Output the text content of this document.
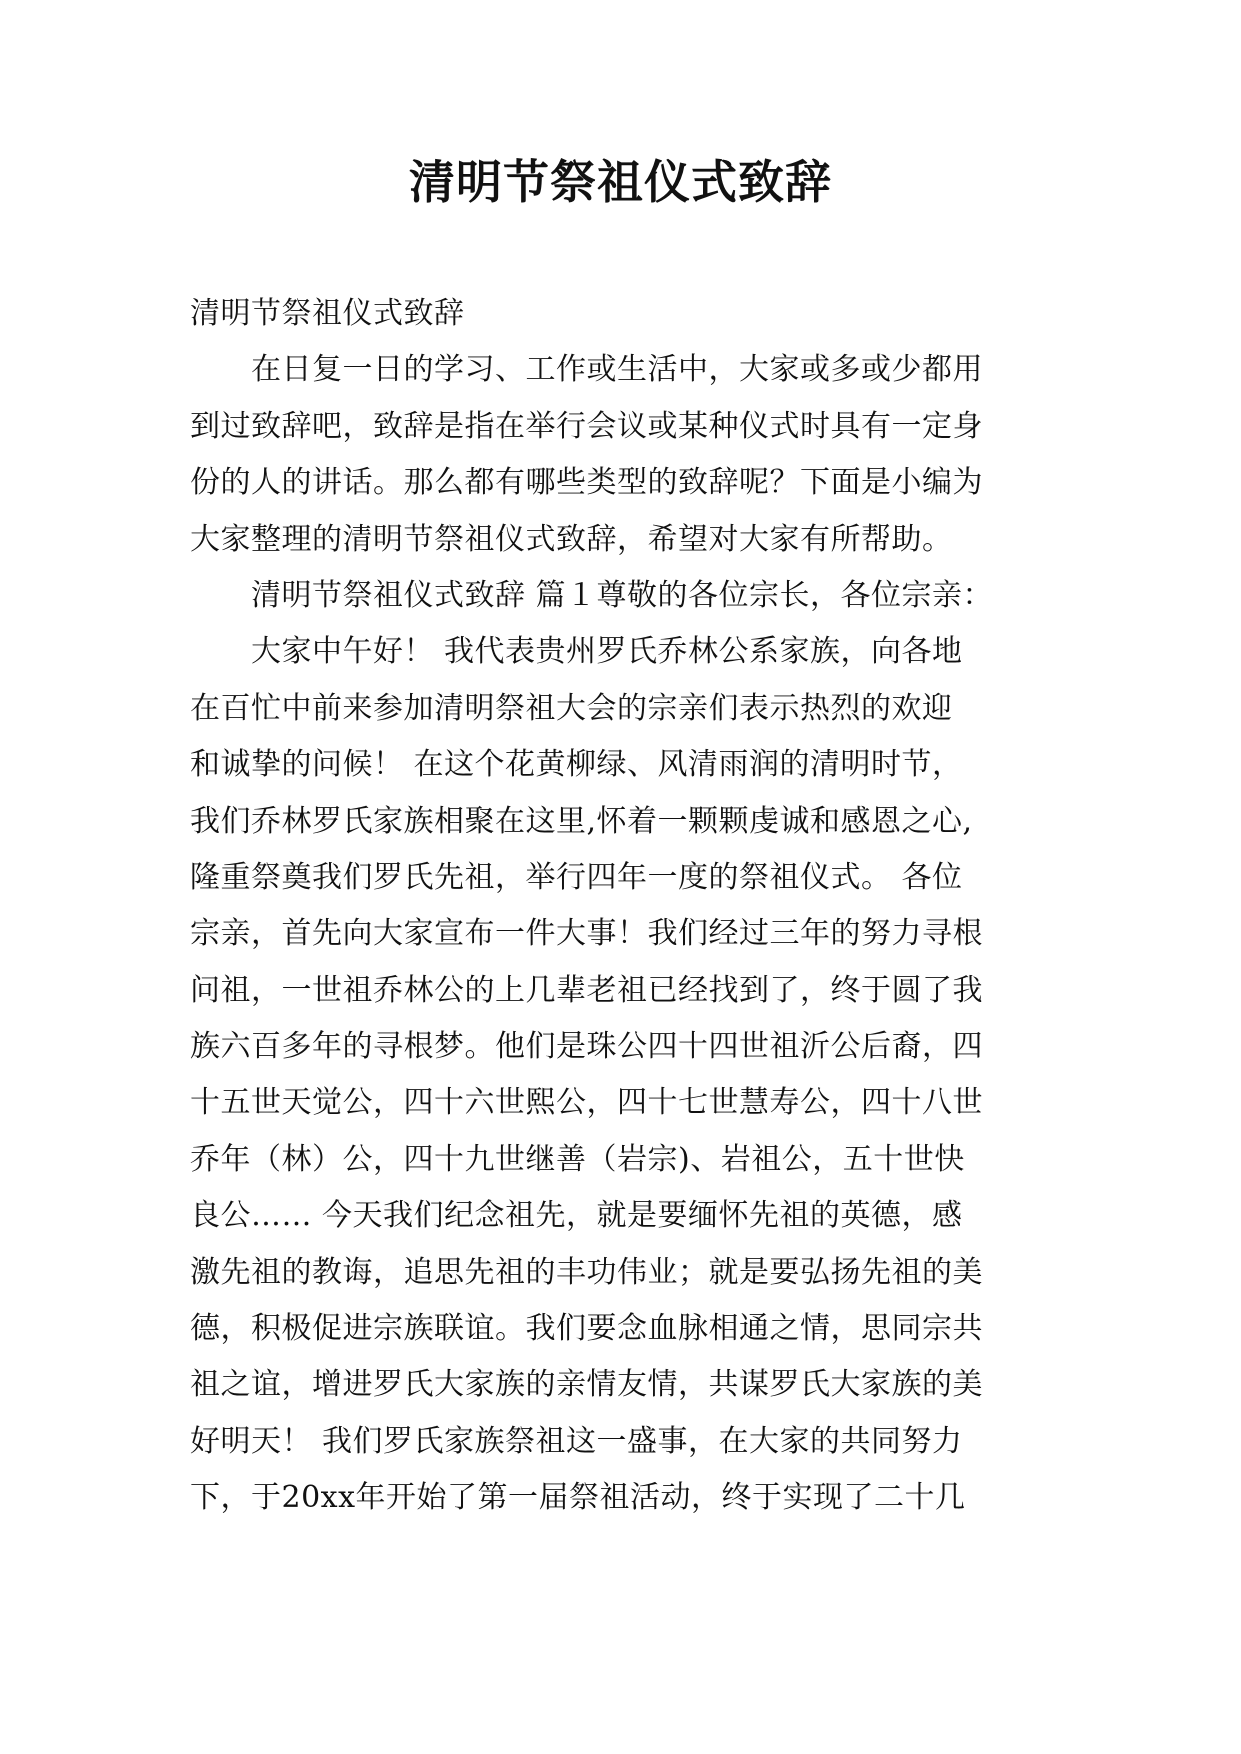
清明节祭祖仪式致辞
清明节祭祖仪式致辞
　　在日复一日的学习、工作或生活中，大家或多或少都用
到过致辞吧，致辞是指在举行会议或某种仪式时具有一定身
份的人的讲话。那么都有哪些类型的致辞呢？下面是小编为
大家整理的清明节祭祖仪式致辞，希望对大家有所帮助。
　　清明节祭祖仪式致辞 篇１尊敬的各位宗长，各位宗亲：
　　大家中午好！ 我代表贵州罗氏乔林公系家族，向各地
在百忙中前来参加清明祭祖大会的宗亲们表示热烈的欢迎
和诚挚的问候！ 在这个花黄柳绿、风清雨润的清明时节，
我们乔林罗氏家族相聚在这里,怀着一颗颗虔诚和感恩之心,
隆重祭奠我们罗氏先祖，举行四年一度的祭祖仪式。 各位
宗亲，首先向大家宣布一件大事！我们经过三年的努力寻根
问祖，一世祖乔林公的上几辈老祖已经找到了，终于圆了我
族六百多年的寻根梦。他们是珠公四十四世祖沂公后裔，四
十五世天觉公，四十六世熙公，四十七世慧寿公，四十八世
乔年（林）公，四十九世继善（岩宗)、岩祖公，五十世快
良公…… 今天我们纪念祖先，就是要缅怀先祖的英德，感
激先祖的教诲，追思先祖的丰功伟业；就是要弘扬先祖的美
德，积极促进宗族联谊。我们要念血脉相通之情，思同宗共
祖之谊，增进罗氏大家族的亲情友情，共谋罗氏大家族的美
好明天！ 我们罗氏家族祭祖这一盛事，在大家的共同努力
下，于20xx年开始了第一届祭祖活动，终于实现了二十几
